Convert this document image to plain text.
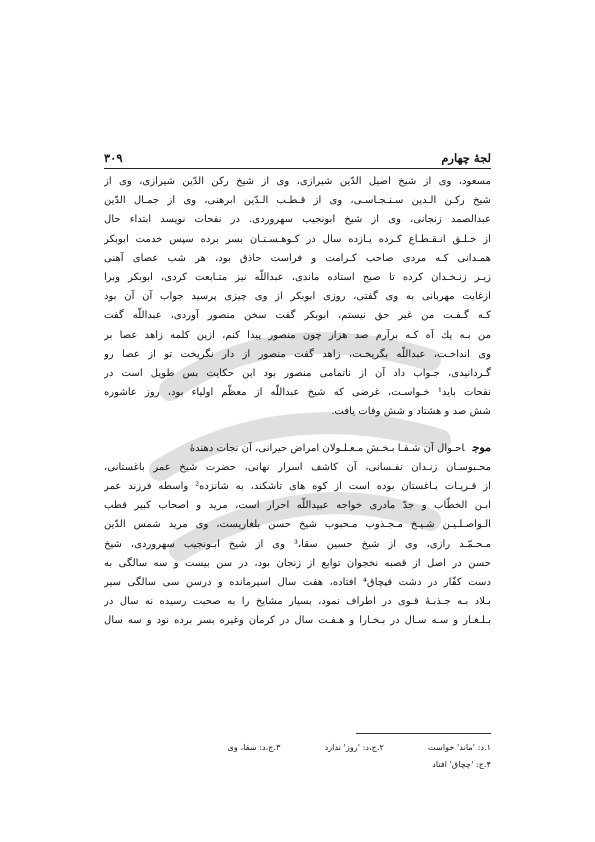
لجهٔ چهارم
۳۰۹
مسعود، وی از شیخ اصیل الدّین شیرازی، وی از شیخ رکن الدّین شیرازی، وی از
شیخ رکـن الـدین سـنـجـاسـی، وی از قـطـب الـدّین ابرهنی، وی از جمـال الدّین
عبدالصمد زنجانی، وی از شیخ ابونجیب سهروردی. در نفحات نویسد ابتداء حال
از خـلـق انـقـطـاع کـرده یـازده سال در کـوهـسـتـان بسر برده سپس خدمت ابوبکر
همـدانی کـه مردی صاحب کـرامت و فراست حاذق بود، هر شب عصای آهنی
زیـر زنـخـدان کرده تا صبح استاده ماندی، عبداللّه نیز متـابعت کردی، ابوبکر وبرا
ازغایت مهربانی به وی گفتی، روزی ابوبکر از وی چیزی پرسید جواب آن آن بود
کـه گـفـت من غیر حق نیستم، ابوبکر گفت سخن منصور آوردی، عبداللّه گفت
من بـه یك آه کـه برآرم صد هزار چون منصور پیدا کنم، ازین کلمه زاهد عصا بر
وی انداخـت، عبداللّه بگریخـت، زاهد گفت منصور از دار نگریخت تو از عصا رو
گـردانیدی، جـواب داد آن از ناتمامی منصور بود این حکایت بس طویل است در
نفحات باید¹ خـواسـت، غرضی که شیخ عبداللّه از معظّم اولیاء بود، روز عاشوره
شش صد و هشتاد و شش وفات یافت.
موجاحـوال آن شـفـا بـخـش مـعـلـولان امراض حیرانی، آن نجات دهندهٔ
محـبوسـان زنـدان نفـسانی، آن کاشف اسرار نهانی، حضرت شیخ عمر باغستانی،
از قـریـات بـاغستان بوده است از کوه های تاشکند، به شانزده² واسطه فرزند عمر
ابـن الخطّاب و جدّ مادری خواجه عبیداللّه احرار است، مرید و اصحاب کبیر قطب
الـواصـلـیـن شـیـخ مـجـذوب مـحبوب شیخ حسن بلغاریست، وی مرید شمس الدّین
مـحـمّـد رازی، وی از شیخ حسین سقا،³ وی از شیخ ابـونجیب سهروردی، شیخ
حسن در اصل از قصبه نخجوان توابع از زنجان بود، در سن بیست و سه سالگی به
دست کفّار در دشت قپچاق⁴ افتاده، هفت سال اسیرمانده و درسن سی سالگی سیر
بـلاد بـه جـذبـهٔ قـوی در اطراف نمود، بسیار مشایخ را به صحبت رسیده نه سال در
بـلـغـار و سـه سـال در بـخـارا و هـفـت سال در کرمان وغیره بسر برده نود و سه سال
۱.د: 'ماند' خواست
۲.ج،د: 'روز' ندارد
۳.ج،د: سقا، وی
۴.ج: 'چچاق' افتاد
